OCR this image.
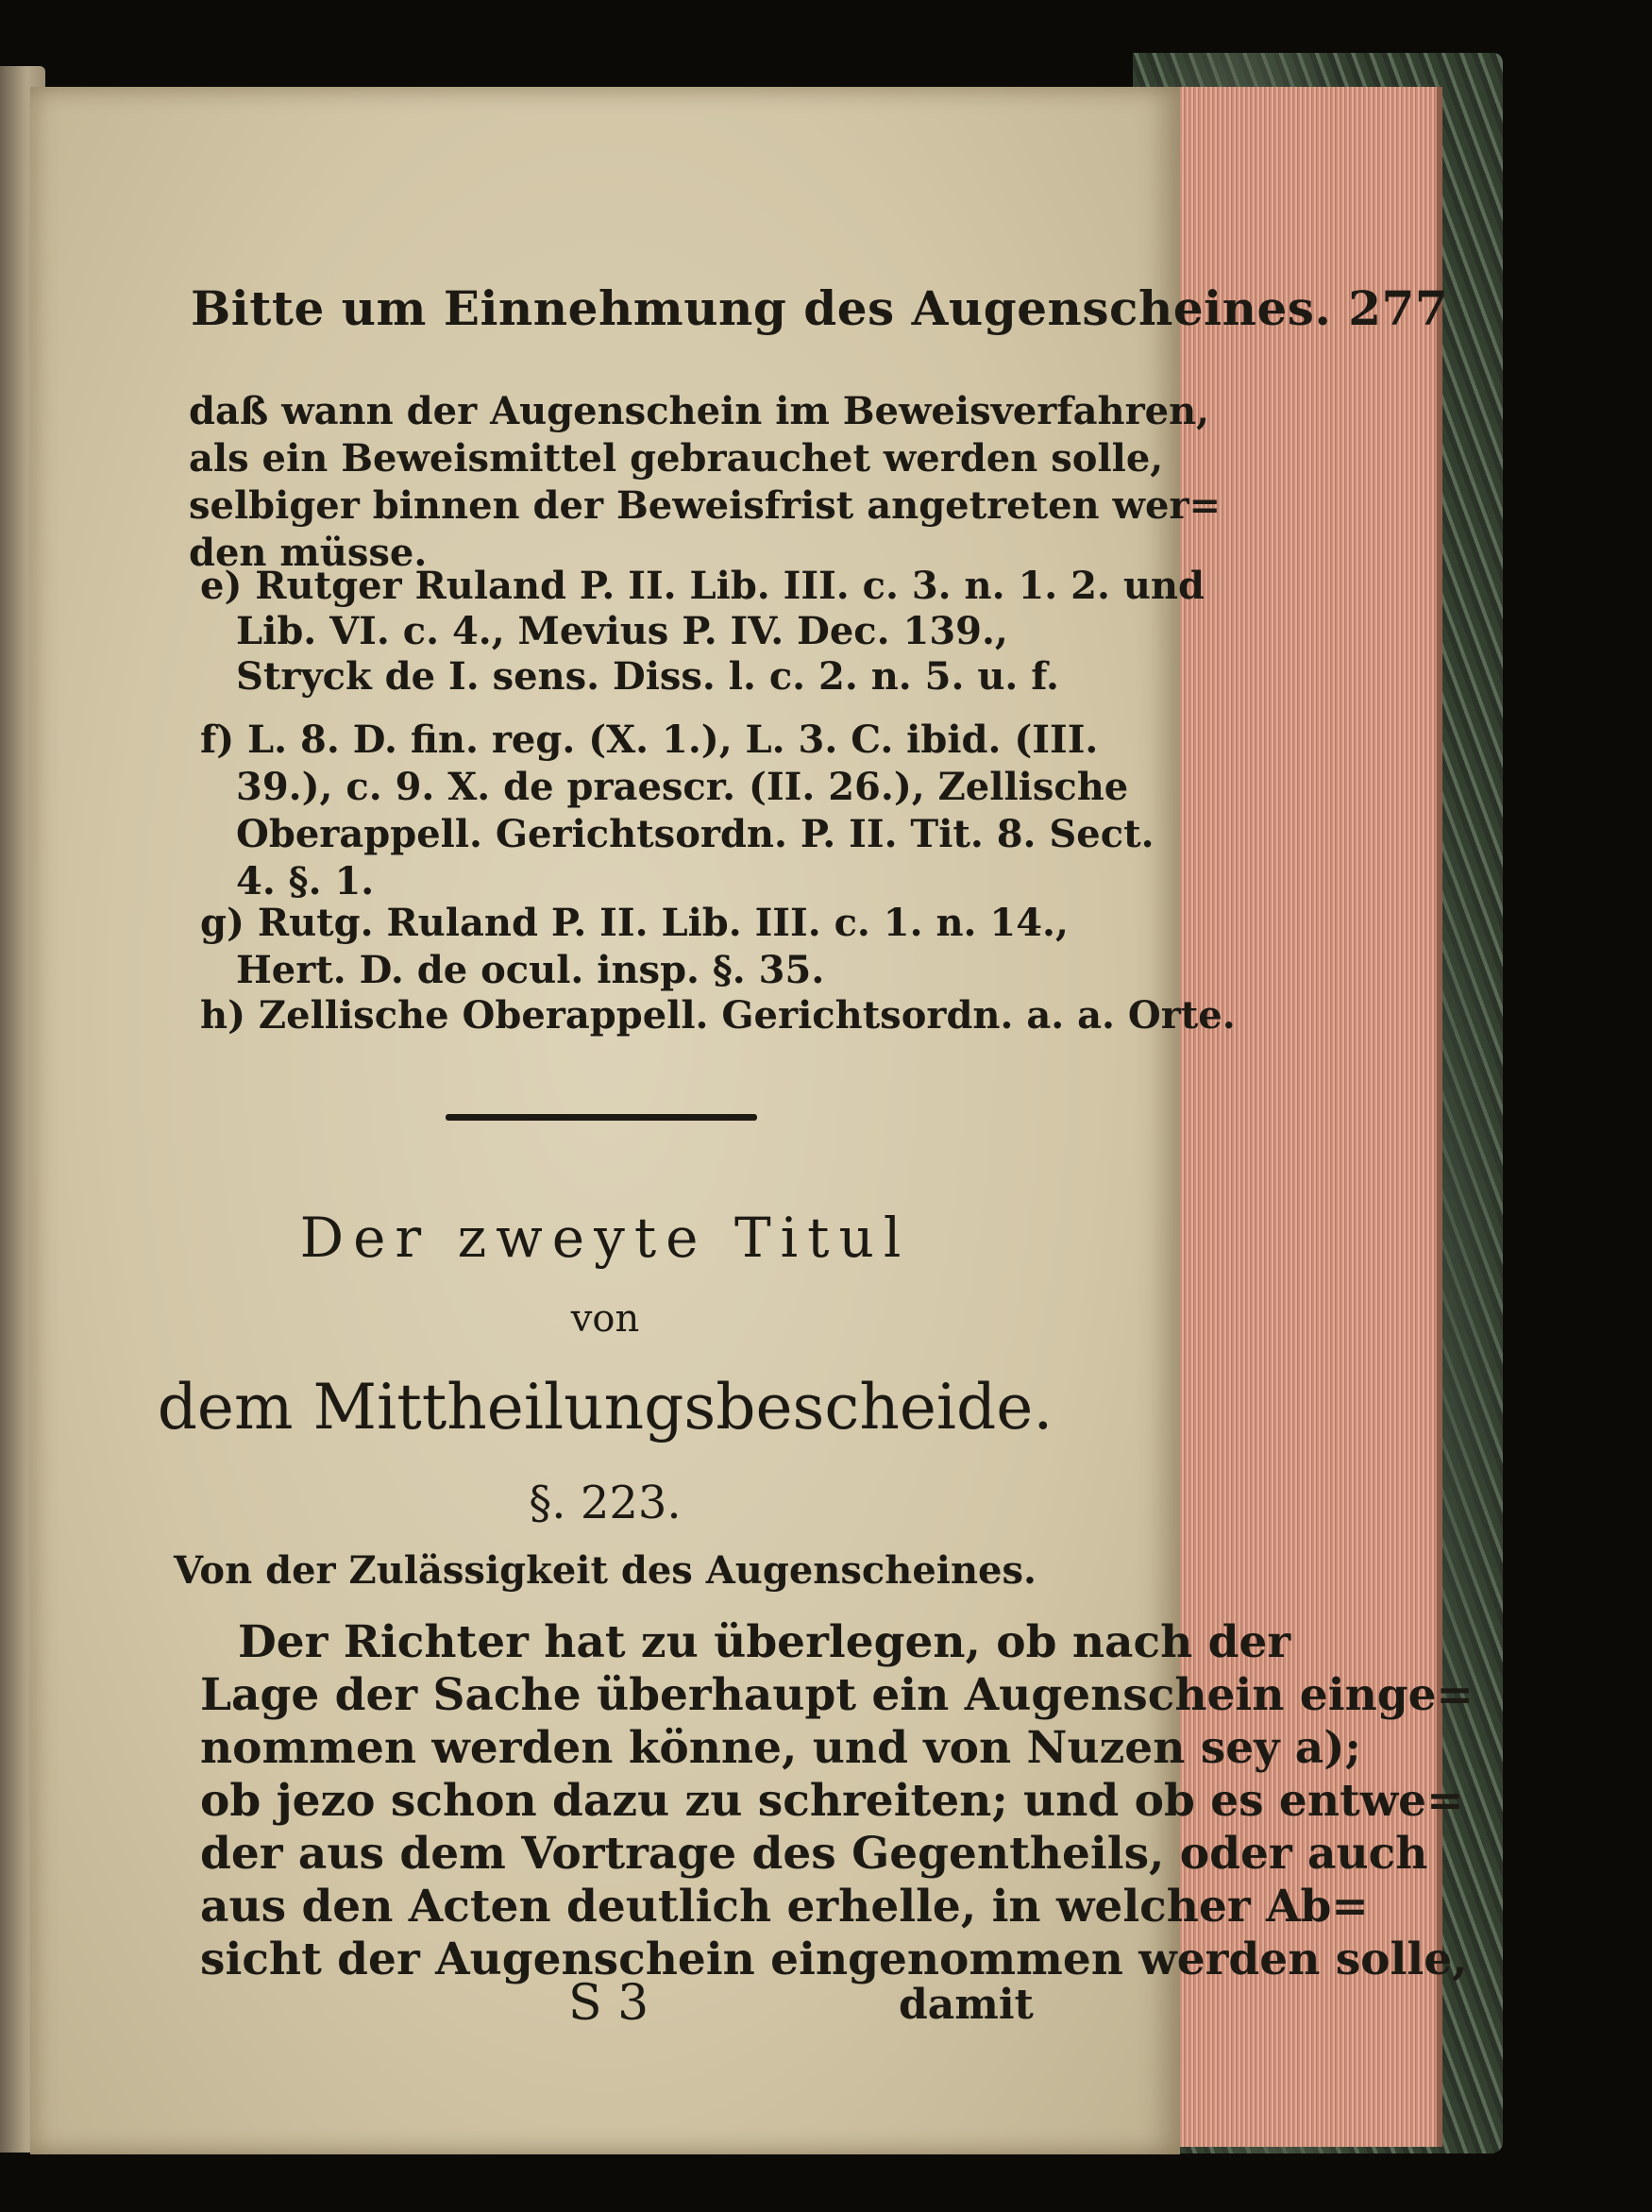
Bitte um Einnehmung des Augenscheines. 277
daß wann der Augenschein im Beweisverfahren,
als ein Beweismittel gebrauchet werden solle,
selbiger binnen der Beweisfrist angetreten wer=
den müsse.
e) Rutger Ruland P. II. Lib. III. c. 3. n. 1. 2. und
Lib. VI. c. 4., Mevius P. IV. Dec. 139.,
Stryck de I. sens. Diss. l. c. 2. n. 5. u. f.
f) L. 8. D. fin. reg. (X. 1.), L. 3. C. ibid. (III.
39.), c. 9. X. de praescr. (II. 26.), Zellische
Oberappell. Gerichtsordn. P. II. Tit. 8. Sect.
4. §. 1.
g) Rutg. Ruland P. II. Lib. III. c. 1. n. 14.,
Hert. D. de ocul. insp. §. 35.
h) Zellische Oberappell. Gerichtsordn. a. a. Orte.
Der zweyte Titul
von
dem Mittheilungsbescheide.
§. 223.
Von der Zulässigkeit des Augenscheines.
Der Richter hat zu überlegen, ob nach der
Lage der Sache überhaupt ein Augenschein einge=
nommen werden könne, und von Nuzen sey a);
ob jezo schon dazu zu schreiten; und ob es entwe=
der aus dem Vortrage des Gegentheils, oder auch
aus den Acten deutlich erhelle, in welcher Ab=
sicht der Augenschein eingenommen werden solle,
S 3	damit
